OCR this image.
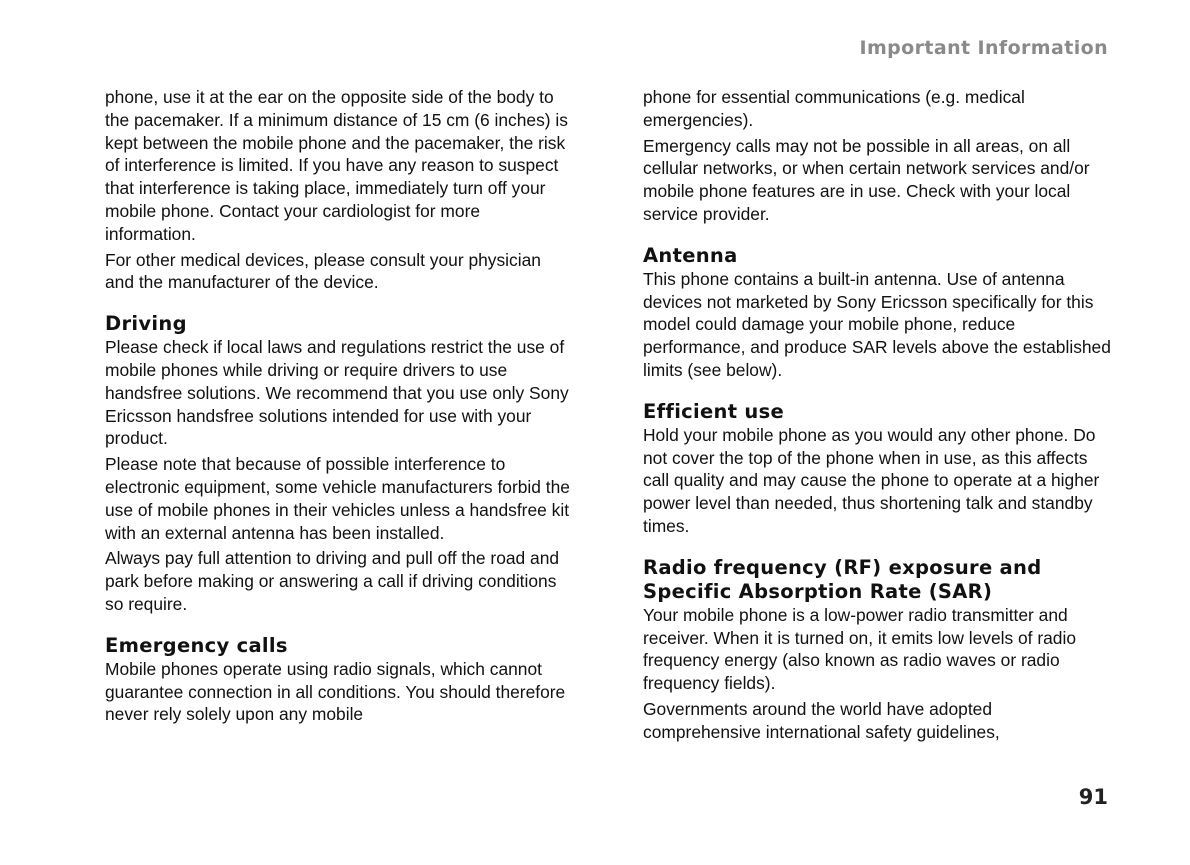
Important Information

phone, use it at the ear on the opposite side of the body to the pacemaker. If a minimum distance of 15 cm (6 inches) is kept between the mobile phone and the pacemaker, the risk of interference is limited. If you have any reason to suspect that interference is taking place, immediately turn off your mobile phone. Contact your cardiologist for more information.

For other medical devices, please consult your physician and the manufacturer of the device.

Driving

Please check if local laws and regulations restrict the use of mobile phones while driving or require drivers to use handsfree solutions. We recommend that you use only Sony Ericsson handsfree solutions intended for use with your product.

Please note that because of possible interference to electronic equipment, some vehicle manufacturers forbid the use of mobile phones in their vehicles unless a handsfree kit with an external antenna has been installed.

Always pay full attention to driving and pull off the road and park before making or answering a call if driving conditions so require.

Emergency calls

Mobile phones operate using radio signals, which cannot guarantee connection in all conditions. You should therefore never rely solely upon any mobile

phone for essential communications (e.g. medical emergencies).

Emergency calls may not be possible in all areas, on all cellular networks, or when certain network services and/or mobile phone features are in use. Check with your local service provider.

Antenna

This phone contains a built-in antenna. Use of antenna devices not marketed by Sony Ericsson specifically for this model could damage your mobile phone, reduce performance, and produce SAR levels above the established limits (see below).

Efficient use

Hold your mobile phone as you would any other phone. Do not cover the top of the phone when in use, as this affects call quality and may cause the phone to operate at a higher power level than needed, thus shortening talk and standby times.

Radio frequency (RF) exposure and Specific Absorption Rate (SAR)

Your mobile phone is a low-power radio transmitter and receiver. When it is turned on, it emits low levels of radio frequency energy (also known as radio waves or radio frequency fields).

Governments around the world have adopted comprehensive international safety guidelines,

91
